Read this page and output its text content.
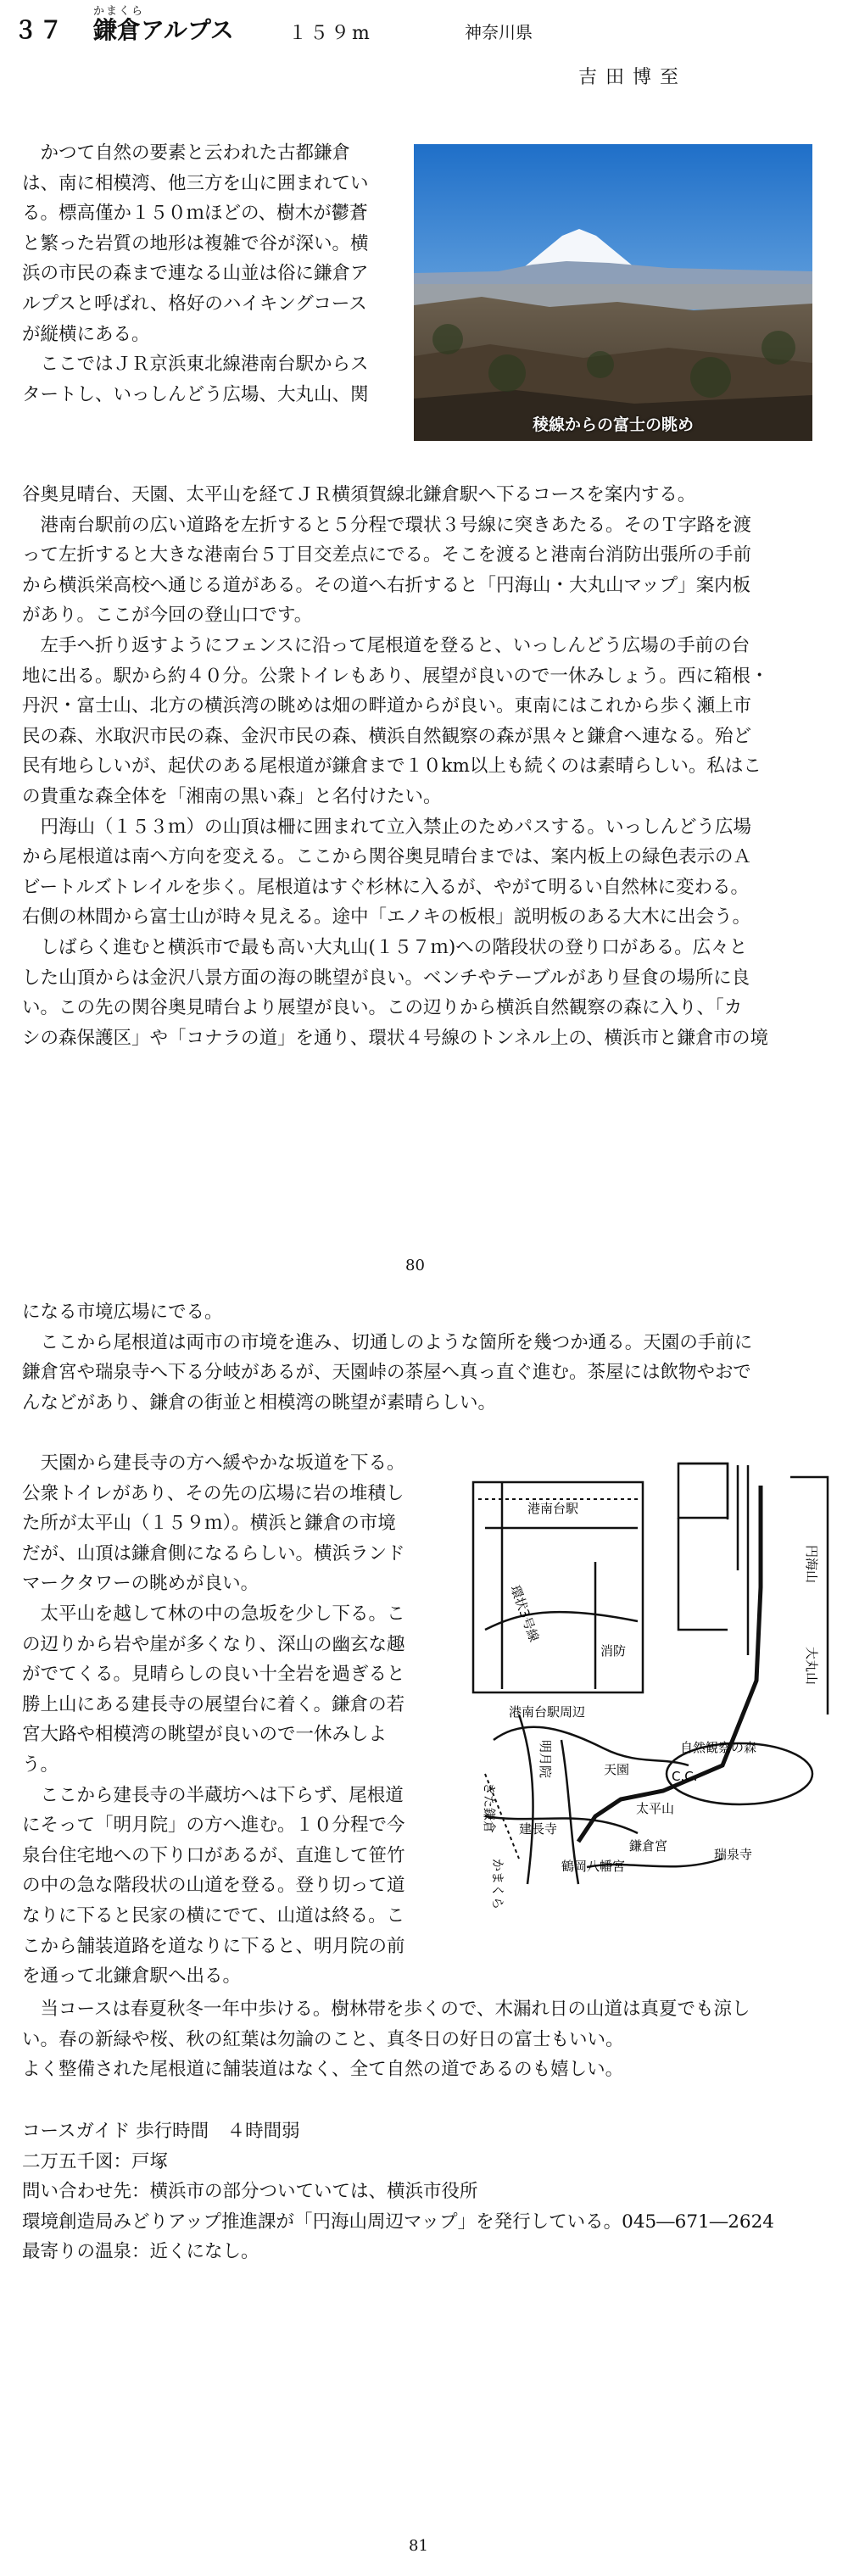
かまくら
３７ 鎌倉アルプス	１５９m	神奈川県
吉田博至
稜線からの富士の眺め
　かつて自然の要素と云われた古都鎌倉
は、南に相模湾、他三方を山に囲まれてい
る。標高僅か１５０ｍほどの、樹木が鬱蒼
と繁った岩質の地形は複雑で谷が深い。横
浜の市民の森まで連なる山並は俗に鎌倉ア
ルプスと呼ばれ、格好のハイキングコース
が縦横にある。
　ここではＪＲ京浜東北線港南台駅からス
タートし、いっしんどう広場、大丸山、関
谷奥見晴台、天園、太平山を経てＪＲ横須賀線北鎌倉駅へ下るコースを案内する。
　港南台駅前の広い道路を左折すると５分程で環状３号線に突きあたる。そのＴ字路を渡
って左折すると大きな港南台５丁目交差点にでる。そこを渡ると港南台消防出張所の手前
から横浜栄高校へ通じる道がある。その道へ右折すると「円海山・大丸山マップ」案内板
があり。ここが今回の登山口です。
　左手へ折り返すようにフェンスに沿って尾根道を登ると、いっしんどう広場の手前の台
地に出る。駅から約４０分。公衆トイレもあり、展望が良いので一休みしょう。西に箱根・
丹沢・富士山、北方の横浜湾の眺めは畑の畔道からが良い。東南にはこれから歩く瀬上市
民の森、氷取沢市民の森、金沢市民の森、横浜自然観察の森が黒々と鎌倉へ連なる。殆ど
民有地らしいが、起伏のある尾根道が鎌倉まで１０km以上も続くのは素晴らしい。私はこ
の貴重な森全体を「湘南の黒い森」と名付けたい。
　円海山（１５３ｍ）の山頂は柵に囲まれて立入禁止のためパスする。いっしんどう広場
から尾根道は南へ方向を変える。ここから関谷奥見晴台までは、案内板上の緑色表示のＡ
ビートルズトレイルを歩く。尾根道はすぐ杉林に入るが、やがて明るい自然林に変わる。
右側の林間から富士山が時々見える。途中「エノキの板根」説明板のある大木に出会う。
　しばらく進むと横浜市で最も高い大丸山(１５７ｍ)への階段状の登り口がある。広々と
した山頂からは金沢八景方面の海の眺望が良い。ベンチやテーブルがあり昼食の場所に良
い。この先の関谷奥見晴台より展望が良い。この辺りから横浜自然観察の森に入り、「カ
シの森保護区」や「コナラの道」を通り、環状４号線のトンネル上の、横浜市と鎌倉市の境
80
になる市境広場にでる。
　ここから尾根道は両市の市境を進み、切通しのような箇所を幾つか通る。天園の手前に
鎌倉宮や瑞泉寺へ下る分岐があるが、天園峠の茶屋へ真っ直ぐ進む。茶屋には飲物やおで
んなどがあり、鎌倉の街並と相模湾の眺望が素晴らしい。
　天園から建長寺の方へ緩やかな坂道を下る。
公衆トイレがあり、その先の広場に岩の堆積し
た所が太平山（１５９ｍ）。横浜と鎌倉の市境
だが、山頂は鎌倉側になるらしい。横浜ランド
マークタワーの眺めが良い。
　太平山を越して林の中の急坂を少し下る。こ
の辺りから岩や崖が多くなり、深山の幽玄な趣
がでてくる。見晴らしの良い十全岩を過ぎると
勝上山にある建長寺の展望台に着く。鎌倉の若
宮大路や相模湾の眺望が良いので一休みしよ
う。
　ここから建長寺の半蔵坊へは下らず、尾根道
にそって「明月院」の方へ進む。１０分程で今
泉台住宅地への下り口があるが、直進して笹竹
の中の急な階段状の山道を登る。登り切って道
なりに下ると民家の横にでて、山道は終る。こ
こから舗装道路を道なりに下ると、明月院の前
を通って北鎌倉駅へ出る。
港南台駅
環状3号線
消防
港南台駅周辺
円海山
大丸山
自然観察の森
C.C.
きた鎌倉
明月院	天園
太平山
建長寺
鎌倉宮
鶴岡八幡宮
瑞泉寺
かまくら
　当コースは春夏秋冬一年中歩ける。樹林帯を歩くので、木漏れ日の山道は真夏でも涼し
い。春の新緑や桜、秋の紅葉は勿論のこと、真冬日の好日の富士もいい。
よく整備された尾根道に舗装道はなく、全て自然の道であるのも嬉しい。
コースガイド 歩行時間　４時間弱
二万五千図：戸塚
問い合わせ先：横浜市の部分ついていては、横浜市役所
環境創造局みどりアップ推進課が「円海山周辺マップ」を発行している。045―671―2624
最寄りの温泉：近くになし。
81
